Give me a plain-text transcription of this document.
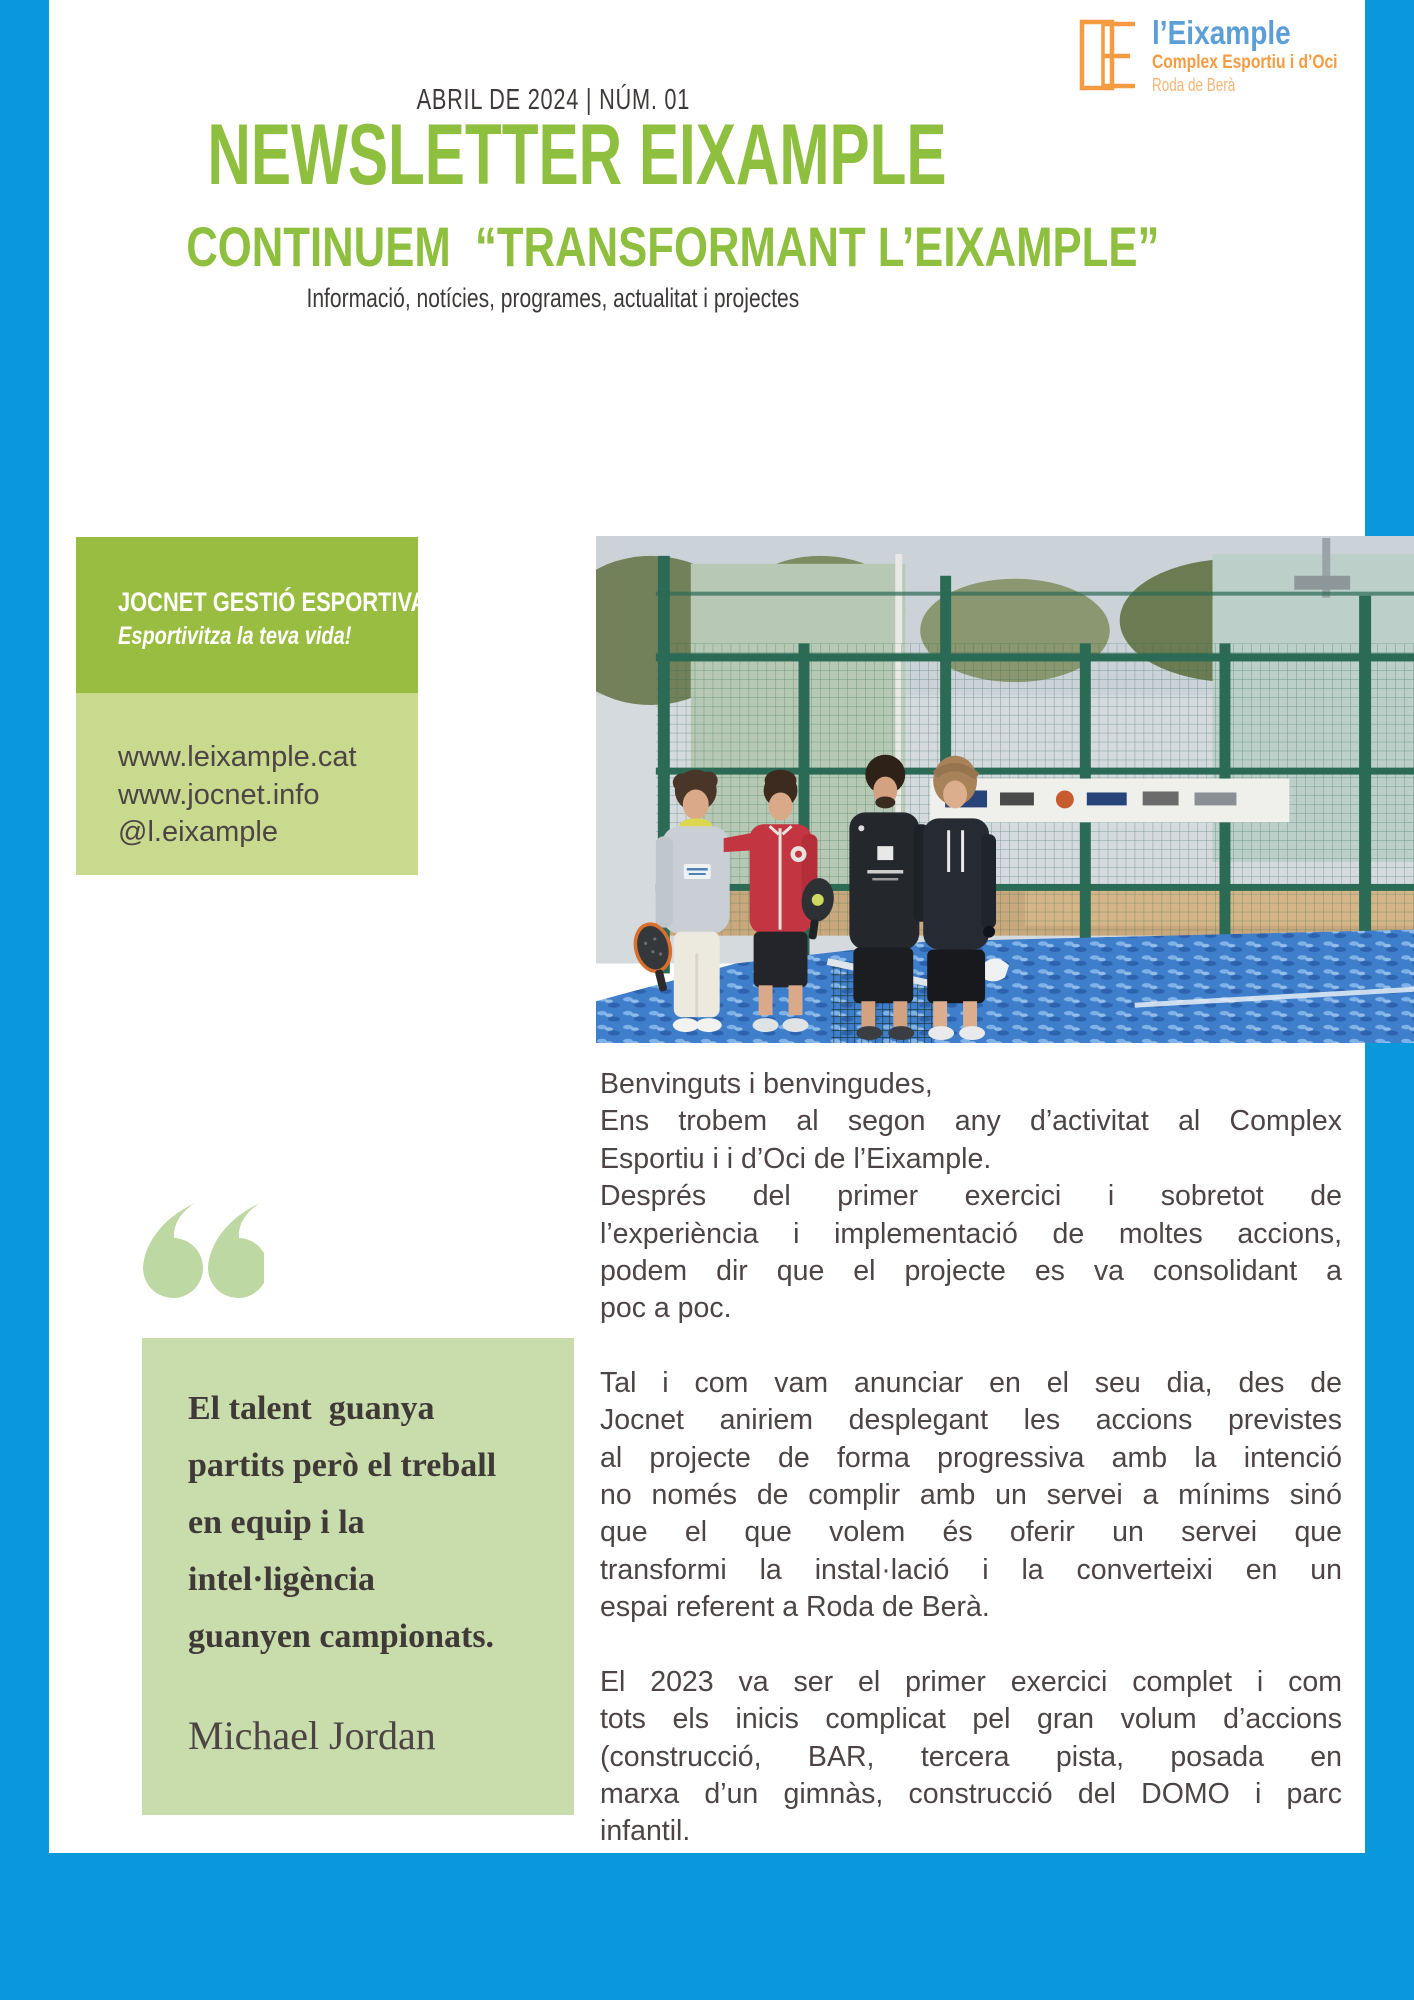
l’Eixample
Complex Esportiu i d’Oci
Roda de Berà
ABRIL DE 2024 | NÚM. 01
NEWSLETTER EIXAMPLE
CONTINUEM  “TRANSFORMANT L’EIXAMPLE”
Informació, notícies, programes, actualitat i projectes
JOCNET GESTIÓ ESPORTIVA
Esportivitza la teva vida!
www.leixample.cat
www.jocnet.info
@l.eixample
El talent  guanya
partits però el treball
en equip i la
intel·ligència
guanyen campionats.
Michael Jordan
Benvinguts i benvingudes,
Ens trobem al segon any d’activitat al Complex
Esportiu i i d’Oci de l’Eixample.
Després del primer exercici i sobretot de
l’experiència i implementació de moltes accions,
podem dir que el projecte es va consolidant a
poc a poc.
Tal i com vam anunciar en el seu dia, des de
Jocnet aniriem desplegant les accions previstes
al projecte de forma progressiva amb la intenció
no només de complir amb un servei a mínims sinó
que el que volem és oferir un servei que
transformi la instal·lació i la converteixi en un
espai referent a Roda de Berà.
El 2023 va ser el primer exercici complet i com
tots els inicis complicat pel gran volum d’accions
(construcció, BAR, tercera pista, posada en
marxa d’un gimnàs, construcció del DOMO i parc
infantil.
